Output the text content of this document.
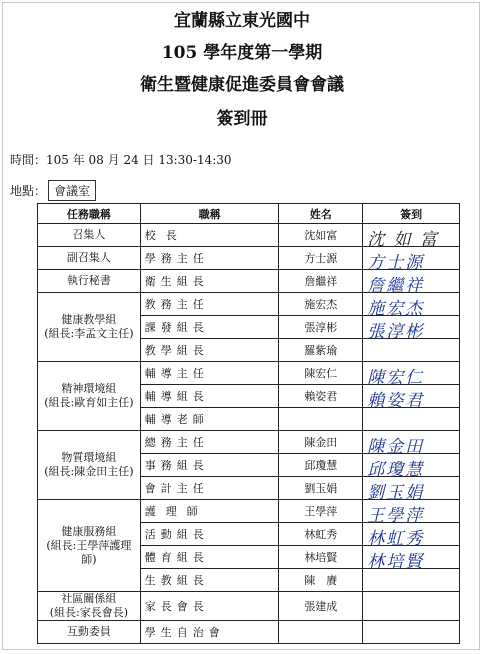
宜蘭縣立東光國中
105 學年度第一學期
衛生暨健康促進委員會會議
簽到冊
時間：105 年 08 月 24 日 13:30-14:30
地點： 會議室
任務職稱	職稱	姓名	簽到
召集人	校長	沈如富	沈 如 富

副召集人	學務主任	方士源	方士源

執行秘書	衛生組長	詹繼祥	詹繼祥

健康教學組
(組長:李孟文主任)	教務主任	施宏杰	施宏杰

	課發組長	張淳彬	張淳彬

	教學組長	羅紫瑜	

精神環境組
(組長:歐育如主任)	輔導主任	陳宏仁	陳宏仁

	輔導組長	賴姿君	賴姿君

	輔導老師		

物質環境組
(組長:陳金田主任)	總務主任	陳金田	陳金田

	事務組長	邱瓊慧	邱瓊慧

	會計主任	劉玉娟	劉玉娟

健康服務組
(組長:王學萍護理師)	護理師	王學萍	王學萍

	活動組長	林虹秀	林虹秀

	體育組長	林培賢	林培賢

	生教組長	陳　賡	

社區關係組
(組長:家長會長)	家長會長	張建成	

互動委員	學生自治會		
